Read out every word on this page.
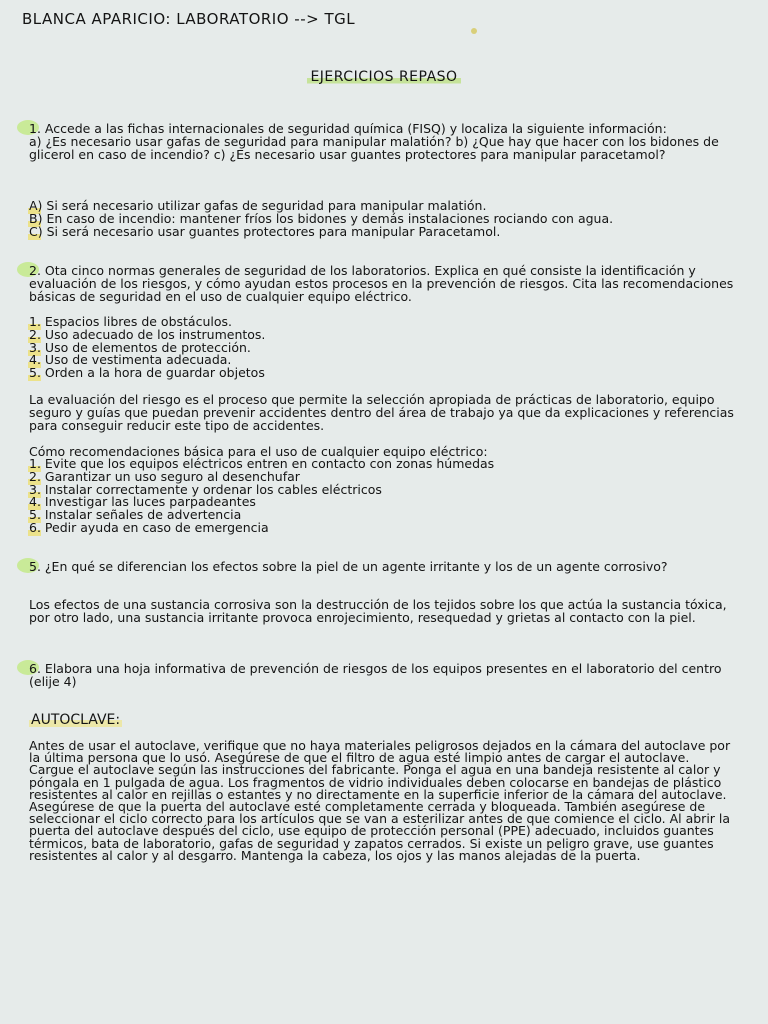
BLANCA APARICIO: LABORATORIO --> TGL
EJERCICIOS REPASO
1. Accede a las fichas internacionales de seguridad química (FISQ) y localiza la siguiente información:
a) ¿Es necesario usar gafas de seguridad para manipular malatión? b) ¿Que hay que hacer con los bidones de glicerol en caso de incendio? c) ¿Es necesario usar guantes protectores para manipular paracetamol?
A) Si será necesario utilizar gafas de seguridad para manipular malatión.
B) En caso de incendio: mantener fríos los bidones y demás instalaciones rociando con agua.
C) Si será necesario usar guantes protectores para manipular Paracetamol.
2. Ota cinco normas generales de seguridad de los laboratorios. Explica en qué consiste la identificación y evaluación de los riesgos, y cómo ayudan estos procesos en la prevención de riesgos. Cita las recomendaciones básicas de seguridad en el uso de cualquier equipo eléctrico.
1. Espacios libres de obstáculos.
2. Uso adecuado de los instrumentos.
3. Uso de elementos de protección.
4. Uso de vestimenta adecuada.
5. Orden a la hora de guardar objetos
La evaluación del riesgo es el proceso que permite la selección apropiada de prácticas de laboratorio, equipo seguro y guías que puedan prevenir accidentes dentro del área de trabajo ya que da explicaciones y referencias para conseguir reducir este tipo de accidentes.
Cómo recomendaciones básica para el uso de cualquier equipo eléctrico:
1. Evite que los equipos eléctricos entren en contacto con zonas húmedas
2. Garantizar un uso seguro al desenchufar
3. Instalar correctamente y ordenar los cables eléctricos
4. Investigar las luces parpadeantes
5. Instalar señales de advertencia
6. Pedir ayuda en caso de emergencia
5. ¿En qué se diferencian los efectos sobre la piel de un agente irritante y los de un agente corrosivo?
Los efectos de una sustancia corrosiva son la destrucción de los tejidos sobre los que actúa la sustancia tóxica, por otro lado, una sustancia irritante provoca enrojecimiento, resequedad y grietas al contacto con la piel.
6. Elabora una hoja informativa de prevención de riesgos de los equipos presentes en el laboratorio del centro (elije 4)
AUTOCLAVE:
Antes de usar el autoclave, verifique que no haya materiales peligrosos dejados en la cámara del autoclave por la última persona que lo usó. Asegúrese de que el filtro de agua esté limpio antes de cargar el autoclave. Cargue el autoclave según las instrucciones del fabricante. Ponga el agua en una bandeja resistente al calor y póngala en 1 pulgada de agua. Los fragmentos de vidrio individuales deben colocarse en bandejas de plástico resistentes al calor en rejillas o estantes y no directamente en la superficie inferior de la cámara del autoclave. Asegúrese de que la puerta del autoclave esté completamente cerrada y bloqueada. También asegúrese de seleccionar el ciclo correcto para los artículos que se van a esterilizar antes de que comience el ciclo. Al abrir la puerta del autoclave después del ciclo, use equipo de protección personal (PPE) adecuado, incluidos guantes térmicos, bata de laboratorio, gafas de seguridad y zapatos cerrados. Si existe un peligro grave, use guantes resistentes al calor y al desgarro. Mantenga la cabeza, los ojos y las manos alejadas de la puerta.
